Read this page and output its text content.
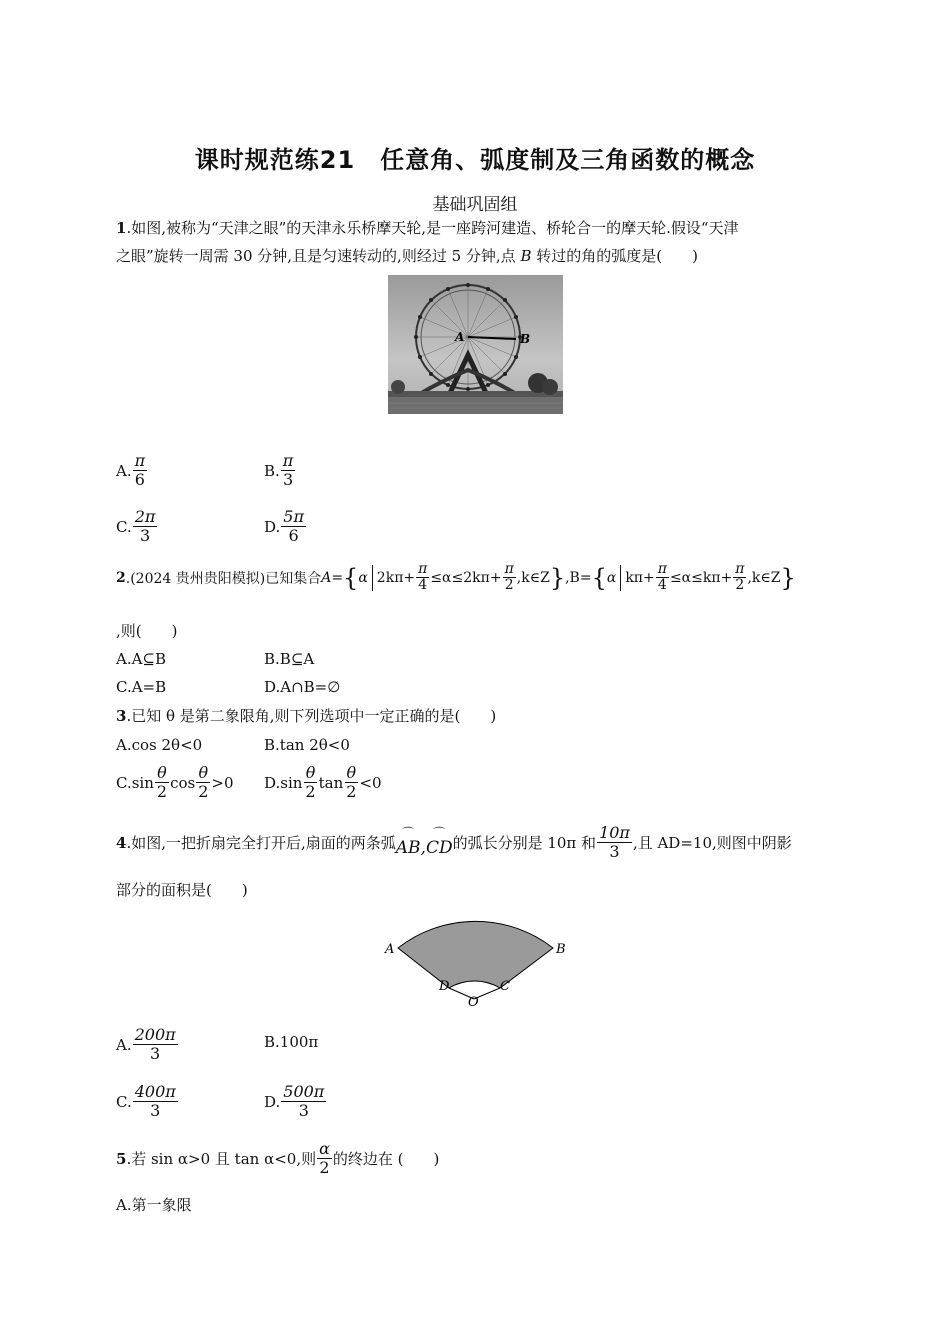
课时规范练21　任意角、弧度制及三角函数的概念
基础巩固组
1.如图,被称为“天津之眼”的天津永乐桥摩天轮,是一座跨河建造、桥轮合一的摩天轮.假设“天津
之眼”旋转一周需 30 分钟,且是匀速转动的,则经过 5 分钟,点 B 转过的角的弧度是(　　)
A	B
A. $\frac{\pi}{6}$	B. $\frac{\pi}{3}$
C. $\frac{2\pi}{3}$	D. $\frac{5\pi}{6}$
2 .(2024 贵州贵阳模拟)已知集合 A= { α $2k\pi+ \frac{\pi}{4} \le\alpha\le 2k\pi+ \frac{\pi}{2}$ ,k∈Z } ,B= { α $k\pi+ \frac{\pi}{4} \le\alpha\le k\pi+ \frac{\pi}{2}$ ,k∈Z }
,则(　　)
A.A⊆B	B.B⊆A
C.A=B	D.A∩B=∅
3.已知 θ 是第二象限角,则下列选项中一定正确的是(　　)
A.cos 2θ<0	B.tan 2θ<0
$C.\sin \frac{\theta}{2}$ $\cos \frac{\theta}{2} >0$ $D.\sin \frac{\theta}{2}$ $\tan \frac{\theta}{2} <0$
4 .如图,一把折扇完全打开后,扇面的两条弧 ⌒ AB , ⌒ CD 的弧长分别是 10π 和 $\frac{10\pi}{3}$ ,且 AD=10,则图中阴影
部分的面积是(　　)
A	B
D	C
O
A. $\frac{200\pi}{3}$	B.100π
C. $\frac{400\pi}{3}$	D. $\frac{500\pi}{3}$
5 .若 sin α>0 且 tan α<0,则 $\frac{\alpha}{2}$ 的终边在 (　　)
A.第一象限
